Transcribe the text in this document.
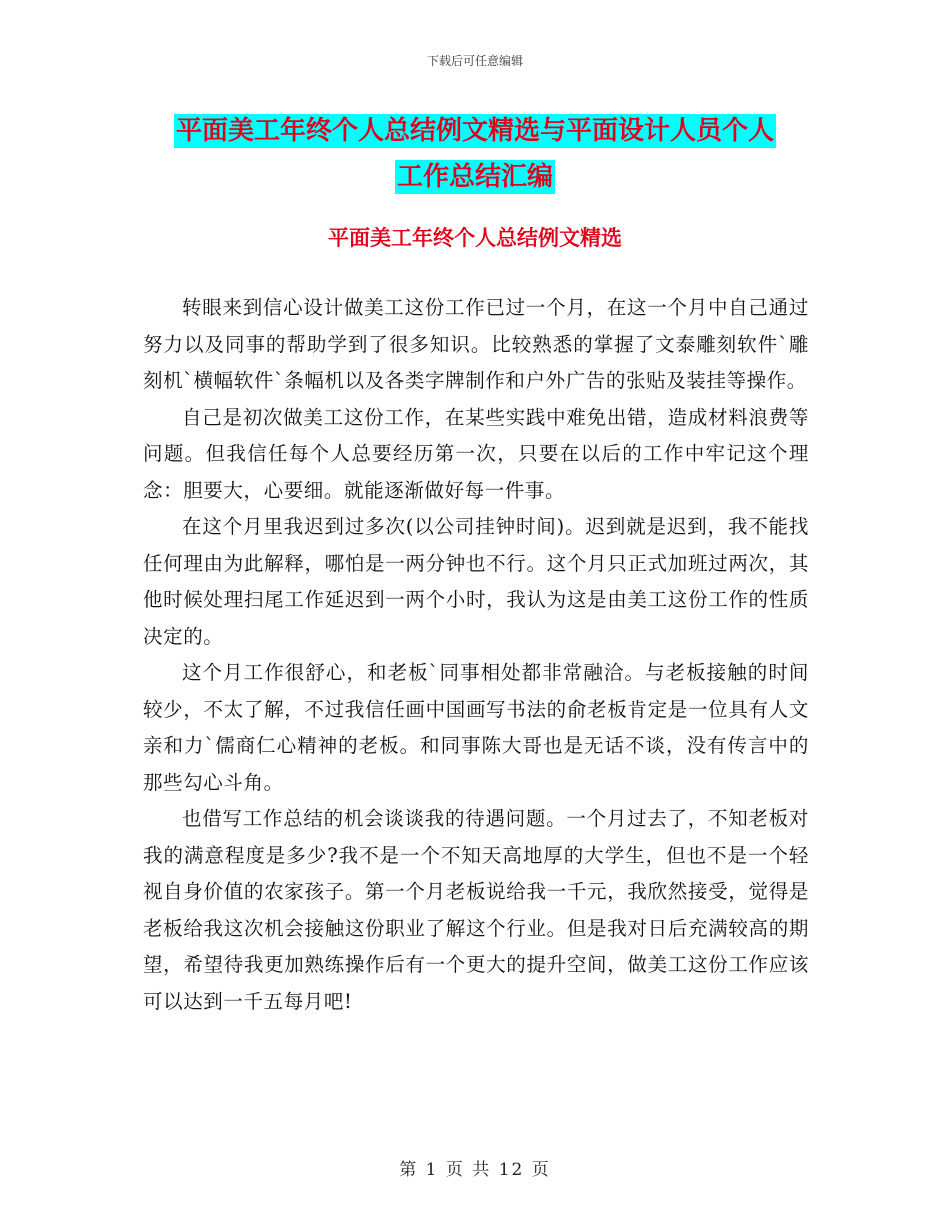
下载后可任意编辑
平面美工年终个人总结例文精选与平面设计人员个人
工作总结汇编
平面美工年终个人总结例文精选

转眼来到信心设计做美工这份工作已过一个月，在这一个月中自己通过努力以及同事的帮助学到了很多知识。比较熟悉的掌握了文泰雕刻软件`雕刻机`横幅软件`条幅机以及各类字牌制作和户外广告的张贴及装挂等操作。

自己是初次做美工这份工作，在某些实践中难免出错，造成材料浪费等问题。但我信任每个人总要经历第一次，只要在以后的工作中牢记这个理念：胆要大，心要细。就能逐渐做好每一件事。

在这个月里我迟到过多次(以公司挂钟时间)。迟到就是迟到，我不能找任何理由为此解释，哪怕是一两分钟也不行。这个月只正式加班过两次，其他时候处理扫尾工作延迟到一两个小时，我认为这是由美工这份工作的性质决定的。

这个月工作很舒心，和老板`同事相处都非常融洽。与老板接触的时间较少，不太了解，不过我信任画中国画写书法的俞老板肯定是一位具有人文亲和力`儒商仁心精神的老板。和同事陈大哥也是无话不谈，没有传言中的那些勾心斗角。

也借写工作总结的机会谈谈我的待遇问题。一个月过去了，不知老板对我的满意程度是多少?我不是一个不知天高地厚的大学生，但也不是一个轻视自身价值的农家孩子。第一个月老板说给我一千元，我欣然接受，觉得是老板给我这次机会接触这份职业了解这个行业。但是我对日后充满较高的期望，希望待我更加熟练操作后有一个更大的提升空间，做美工这份工作应该可以达到一千五每月吧!

第 1 页 共 12 页
